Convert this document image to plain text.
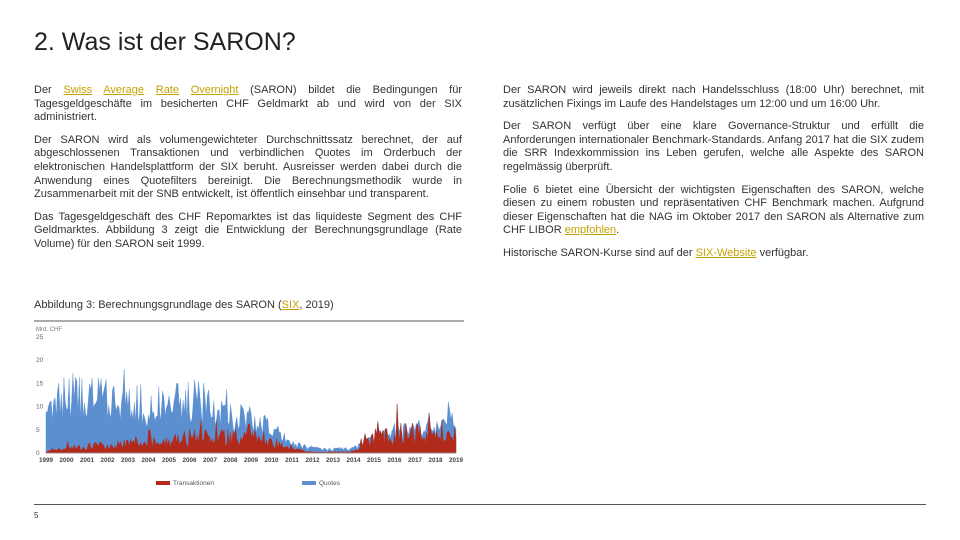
2. Was ist der SARON?

Der Swiss Average Rate Overnight (SARON) bildet die Bedingungen für Tagesgeldgeschäfte im besicherten CHF Geldmarkt ab und wird von der SIX administriert.

Der SARON wird als volumengewichteter Durchschnittssatz berechnet, der auf abgeschlossenen Transaktionen und verbindlichen Quotes im Orderbuch der elektronischen Handelsplattform der SIX beruht. Ausreisser werden dabei durch die Anwendung eines Quotefilters bereinigt. Die Berechnungsmethodik wurde in Zusammenarbeit mit der SNB entwickelt, ist öffentlich einsehbar und transparent.

Das Tagesgeldgeschäft des CHF Repomarktes ist das liquideste Segment des CHF Geldmarktes. Abbildung 3 zeigt die Entwicklung der Berechnungsgrundlage (Rate Volume) für den SARON seit 1999.

Der SARON wird jeweils direkt nach Handelsschluss (18:00 Uhr) berechnet, mit zusätzlichen Fixings im Laufe des Handelstages um 12:00 und um 16:00 Uhr.

Der SARON verfügt über eine klare Governance-Struktur und erfüllt die Anforderungen internationaler Benchmark-Standards. Anfang 2017 hat die SIX zudem die SRR Indexkommission ins Leben gerufen, welche alle Aspekte des SARON regelmässig überprüft.

Folie 6 bietet eine Übersicht der wichtigsten Eigenschaften des SARON, welche diesen zu einem robusten und repräsentativen CHF Benchmark machen. Aufgrund dieser Eigenschaften hat die NAG im Oktober 2017 den SARON als Alternative zum CHF LIBOR empfohlen.

Historische SARON-Kurse sind auf der SIX-Website verfügbar.

Abbildung 3: Berechnungsgrundlage des SARON (SIX, 2019)
Mrd. CHF
0
5
10
15
20
25
1999 2000 2001 2002 2003 2004 2005 2006 2007 2008 2009 2010 2011 2012 2013 2014 2015 2016 2017 2018 2019
Transaktionen	Quotes
5
